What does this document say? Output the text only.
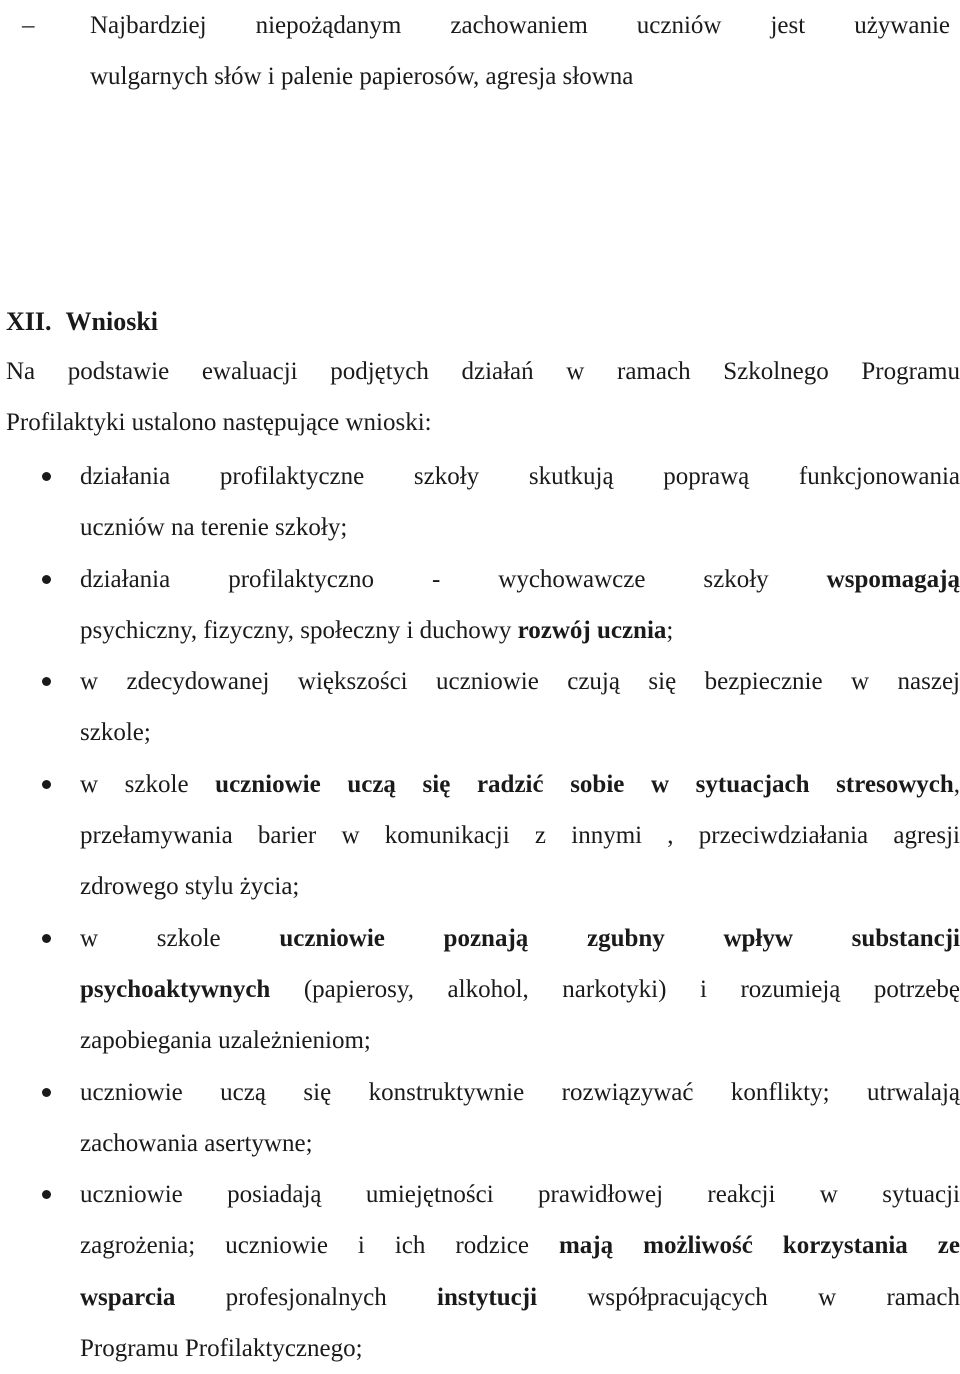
– Najbardziej niepożądanym zachowaniem uczniów jest używanie
wulgarnych słów i palenie papierosów, agresja słowna
XII. Wnioski

Na podstawie ewaluacji podjętych działań w ramach Szkolnego Programu
Profilaktyki ustalono następujące wnioski:

działania profilaktyczne szkoły skutkują poprawą funkcjonowania
uczniów na terenie szkoły;
działania profilaktyczno - wychowawcze szkoły wspomagają
psychiczny, fizyczny, społeczny i duchowy rozwój ucznia;
w zdecydowanej większości uczniowie czują się bezpiecznie w naszej
szkole;
w szkole uczniowie uczą się radzić sobie w sytuacjach stresowych,
przełamywania barier w komunikacji z innymi , przeciwdziałania agresji
zdrowego stylu życia;
w szkole uczniowie poznają zgubny wpływ substancji
psychoaktywnych (papierosy, alkohol, narkotyki) i rozumieją potrzebę
zapobiegania uzależnieniom;
uczniowie uczą się konstruktywnie rozwiązywać konflikty; utrwalają
zachowania asertywne;
uczniowie posiadają umiejętności prawidłowej reakcji w sytuacji
zagrożenia; uczniowie i ich rodzice mają możliwość korzystania ze
wsparcia profesjonalnych instytucji współpracujących w ramach
Programu Profilaktycznego;
